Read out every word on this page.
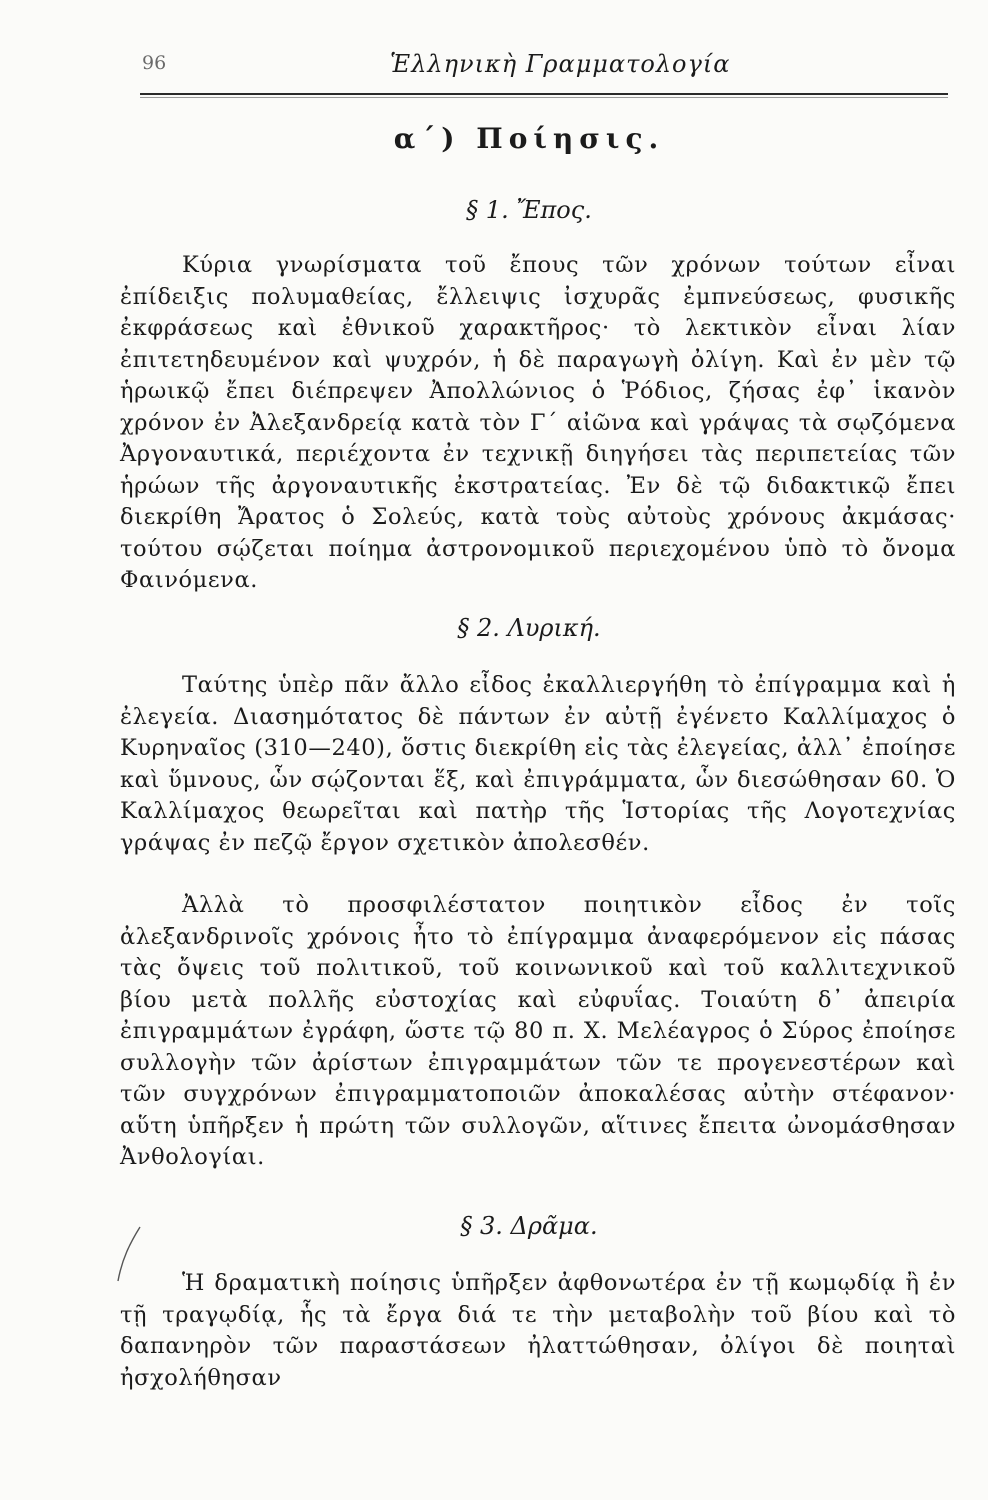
96	Ἑλληνικὴ Γραμματολογία
α΄) Ποίησις.
§ 1. Ἔπος.

Κύρια γνωρίσματα τοῦ ἔπους τῶν χρόνων τούτων εἶναι ἐπίδειξις πολυμαθείας, ἔλλειψις ἰσχυρᾶς ἐμπνεύσεως, φυσικῆς ἐκφράσεως καὶ ἐθνικοῦ χαρακτῆρος· τὸ λεκτικὸν εἶναι λίαν ἐπιτετηδευμένον καὶ ψυχρόν, ἡ δὲ παραγωγὴ ὀλίγη. Καὶ ἐν μὲν τῷ ἡρωικῷ ἔπει διέπρεψεν Ἀπολλώνιος ὁ Ῥόδιος, ζήσας ἐφ᾽ ἱκανὸν χρόνον ἐν Ἀλεξανδρείᾳ κατὰ τὸν Γ΄ αἰῶνα καὶ γράψας τὰ σῳζόμενα Ἀργοναυτικά, περιέχοντα ἐν τεχνικῇ διηγήσει τὰς περιπετείας τῶν ἡρώων τῆς ἀργοναυτικῆς ἐκστρατείας. Ἐν δὲ τῷ διδακτικῷ ἔπει διεκρίθη Ἄρατος ὁ Σολεύς, κατὰ τοὺς αὐτοὺς χρόνους ἀκμάσας· τούτου σῴζεται ποίημα ἀστρονομικοῦ περιεχομένου ὑπὸ τὸ ὄνομα Φαινόμενα.

§ 2. Λυρική.

Ταύτης ὑπὲρ πᾶν ἄλλο εἶδος ἐκαλλιεργήθη τὸ ἐπίγραμμα καὶ ἡ ἐλεγεία. Διασημότατος δὲ πάντων ἐν αὐτῇ ἐγένετο Καλλίμαχος ὁ Κυρηναῖος (310—240), ὅστις διεκρίθη εἰς τὰς ἐλεγείας, ἀλλ᾽ ἐποίησε καὶ ὕμνους, ὧν σῴζονται ἕξ, καὶ ἐπιγράμματα, ὧν διεσώθησαν 60. Ὁ Καλλίμαχος θεωρεῖται καὶ πατὴρ τῆς Ἱστορίας τῆς Λογοτεχνίας γράψας ἐν πεζῷ ἔργον σχετικὸν ἀπολεσθέν.

Ἀλλὰ τὸ προσφιλέστατον ποιητικὸν εἶδος ἐν τοῖς ἀλεξανδρινοῖς χρόνοις ἦτο τὸ ἐπίγραμμα ἀναφερόμενον εἰς πάσας τὰς ὄψεις τοῦ πολιτικοῦ, τοῦ κοινωνικοῦ καὶ τοῦ καλλιτεχνικοῦ βίου μετὰ πολλῆς εὐστοχίας καὶ εὐφυΐας. Τοιαύτη δ᾽ ἀπειρία ἐπιγραμμάτων ἐγράφη, ὥστε τῷ 80 π. Χ. Μελέαγρος ὁ Σύρος ἐποίησε συλλογὴν τῶν ἀρίστων ἐπιγραμμάτων τῶν τε προγενεστέρων καὶ τῶν συγχρόνων ἐπιγραμματοποιῶν ἀποκαλέσας αὐτὴν στέφανον· αὕτη ὑπῆρξεν ἡ πρώτη τῶν συλλογῶν, αἵτινες ἔπειτα ὠνομάσθησαν Ἀνθολογίαι.

§ 3. Δρᾶμα.

Ἡ δραματικὴ ποίησις ὑπῆρξεν ἀφθονωτέρα ἐν τῇ κωμῳδίᾳ ἢ ἐν τῇ τραγῳδίᾳ, ἧς τὰ ἔργα διά τε τὴν μεταβολὴν τοῦ βίου καὶ τὸ δαπανηρὸν τῶν παραστάσεων ἠλαττώθησαν, ὀλίγοι δὲ ποιηταὶ ἠσχολήθησαν
